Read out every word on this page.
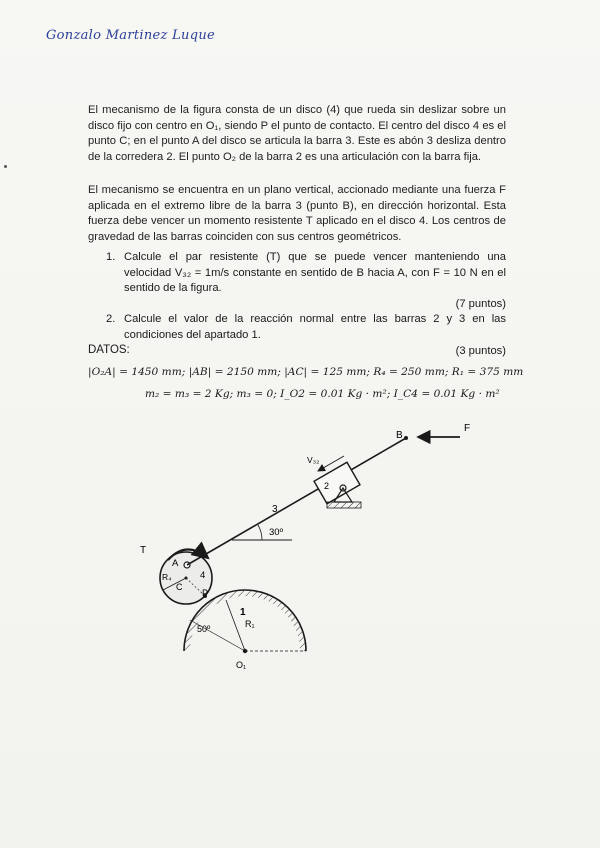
Gonzalo Martinez Luque
El mecanismo de la figura consta de un disco (4) que rueda sin deslizar sobre un disco fijo con centro en O₁, siendo P el punto de contacto. El centro del disco 4 es el punto C; en el punto A del disco se articula la barra 3. Este es abón 3 desliza dentro de la corredera 2. El punto O₂ de la barra 2 es una articulación con la barra fija.
El mecanismo se encuentra en un plano vertical, accionado mediante una fuerza F aplicada en el extremo libre de la barra 3 (punto B), en dirección horizontal. Esta fuerza debe vencer un momento resistente T aplicado en el disco 4. Los centros de gravedad de las barras coinciden con sus centros geométricos.
1. Calcule el par resistente (T) que se puede vencer manteniendo una velocidad V₃₂ = 1m/s constante en sentido de B hacia A, con F = 10 N en el sentido de la figura.
(7 puntos)
2. Calcule el valor de la reacción normal entre las barras 2 y 3 en las condiciones del apartado 1.
(3 puntos)
DATOS:
|O₂A| = 1450 mm; |AB| = 2150 mm; |AC| = 125 mm; R₄ = 250 mm; R₁ = 375 mm
m₂ = m₃ = 2 Kg; m₃ = 0; I_O2 = 0.01 Kg · m²; I_C4 = 0.01 Kg · m²
B
F
V₃₂
2
3
30º
T
A
4
R₄
C
P
1
50º	R₁
O₁
